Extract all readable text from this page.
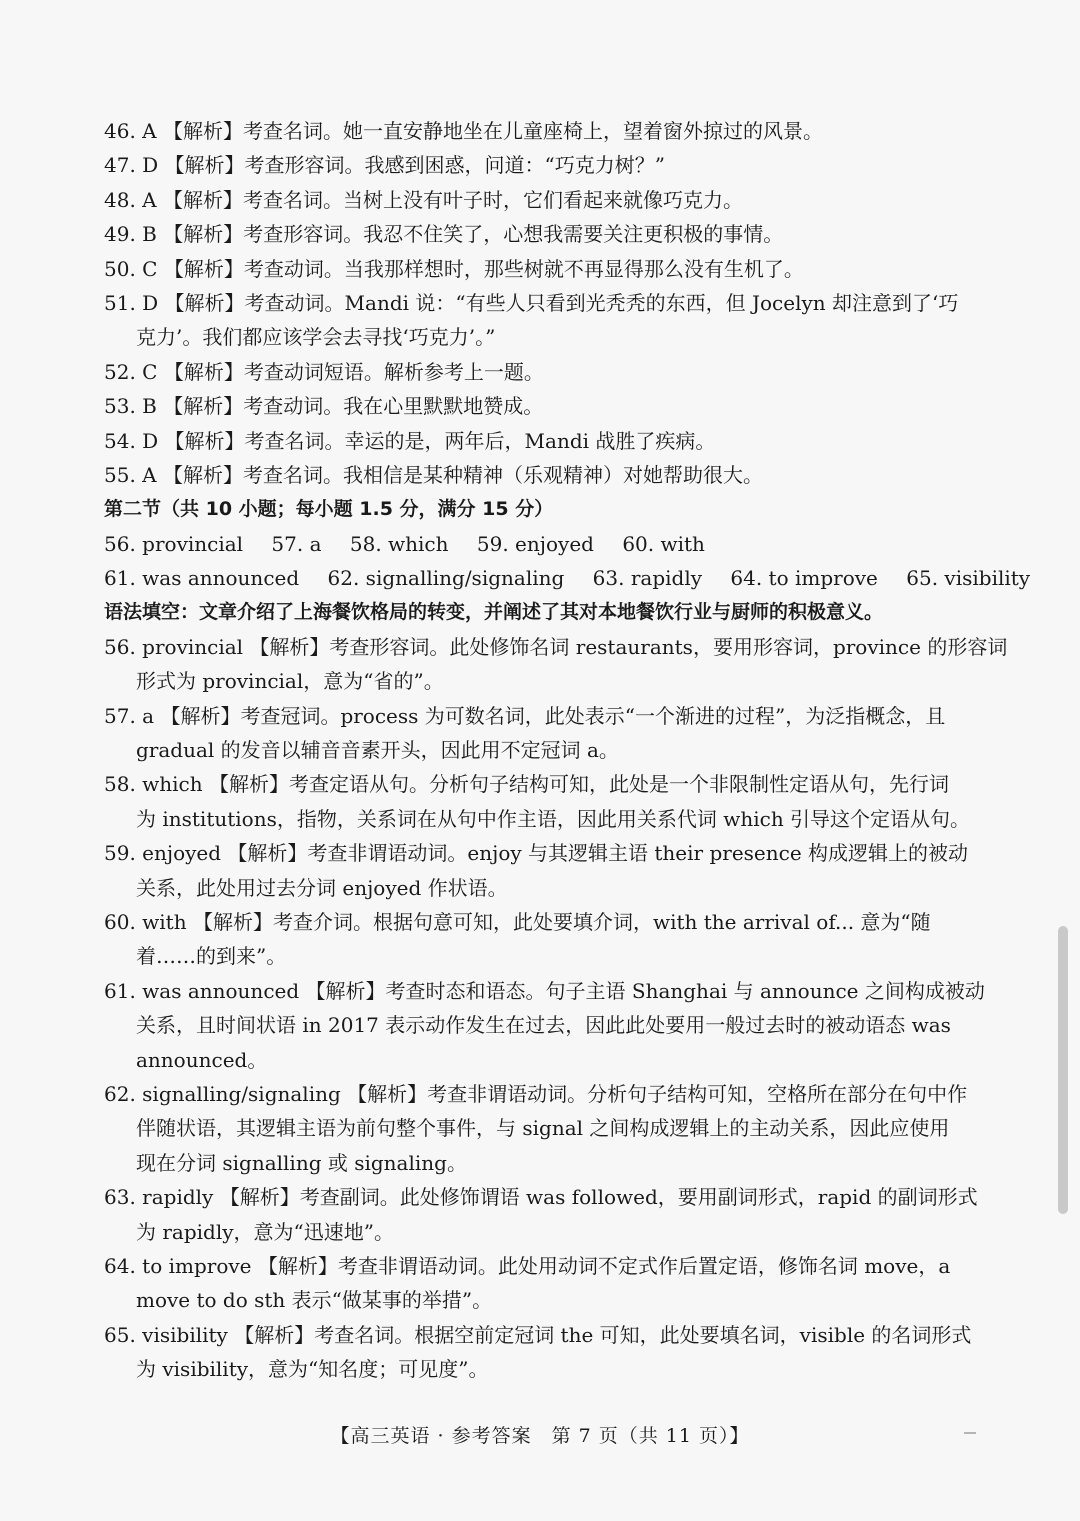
46. A 【解析】考查名词。她一直安静地坐在儿童座椅上，望着窗外掠过的风景。
47. D 【解析】考查形容词。我感到困惑，问道：“巧克力树？”
48. A 【解析】考查名词。当树上没有叶子时，它们看起来就像巧克力。
49. B 【解析】考查形容词。我忍不住笑了，心想我需要关注更积极的事情。
50. C 【解析】考查动词。当我那样想时，那些树就不再显得那么没有生机了。
51. D 【解析】考查动词。Mandi 说：“有些人只看到光秃秃的东西，但 Jocelyn 却注意到了‘巧
克力’。我们都应该学会去寻找‘巧克力’。”
52. C 【解析】考查动词短语。解析参考上一题。
53. B 【解析】考查动词。我在心里默默地赞成。
54. D 【解析】考查名词。幸运的是，两年后，Mandi 战胜了疾病。
55. A 【解析】考查名词。我相信是某种精神（乐观精神）对她帮助很大。
第二节（共 10 小题；每小题 1.5 分，满分 15 分）
56. provincial 57. a 58. which 59. enjoyed 60. with
61. was announced 62. signalling/signaling 63. rapidly 64. to improve 65. visibility
语法填空：文章介绍了上海餐饮格局的转变，并阐述了其对本地餐饮行业与厨师的积极意义。
56. provincial 【解析】考查形容词。此处修饰名词 restaurants，要用形容词，province 的形容词
形式为 provincial，意为“省的”。
57. a 【解析】考查冠词。process 为可数名词，此处表示“一个渐进的过程”，为泛指概念，且
gradual 的发音以辅音音素开头，因此用不定冠词 a。
58. which 【解析】考查定语从句。分析句子结构可知，此处是一个非限制性定语从句，先行词
为 institutions，指物，关系词在从句中作主语，因此用关系代词 which 引导这个定语从句。
59. enjoyed 【解析】考查非谓语动词。enjoy 与其逻辑主语 their presence 构成逻辑上的被动
关系，此处用过去分词 enjoyed 作状语。
60. with 【解析】考查介词。根据句意可知，此处要填介词，with the arrival of... 意为“随
着……的到来”。
61. was announced 【解析】考查时态和语态。句子主语 Shanghai 与 announce 之间构成被动
关系，且时间状语 in 2017 表示动作发生在过去，因此此处要用一般过去时的被动语态 was
announced。
62. signalling/signaling 【解析】考查非谓语动词。分析句子结构可知，空格所在部分在句中作
伴随状语，其逻辑主语为前句整个事件，与 signal 之间构成逻辑上的主动关系，因此应使用
现在分词 signalling 或 signaling。
63. rapidly 【解析】考查副词。此处修饰谓语 was followed，要用副词形式，rapid 的副词形式
为 rapidly，意为“迅速地”。
64. to improve 【解析】考查非谓语动词。此处用动词不定式作后置定语，修饰名词 move，a
move to do sth 表示“做某事的举措”。
65. visibility 【解析】考查名词。根据空前定冠词 the 可知，此处要填名词，visible 的名词形式
为 visibility，意为“知名度；可见度”。
【高三英语 · 参考答案　第 7 页（共 11 页）】
